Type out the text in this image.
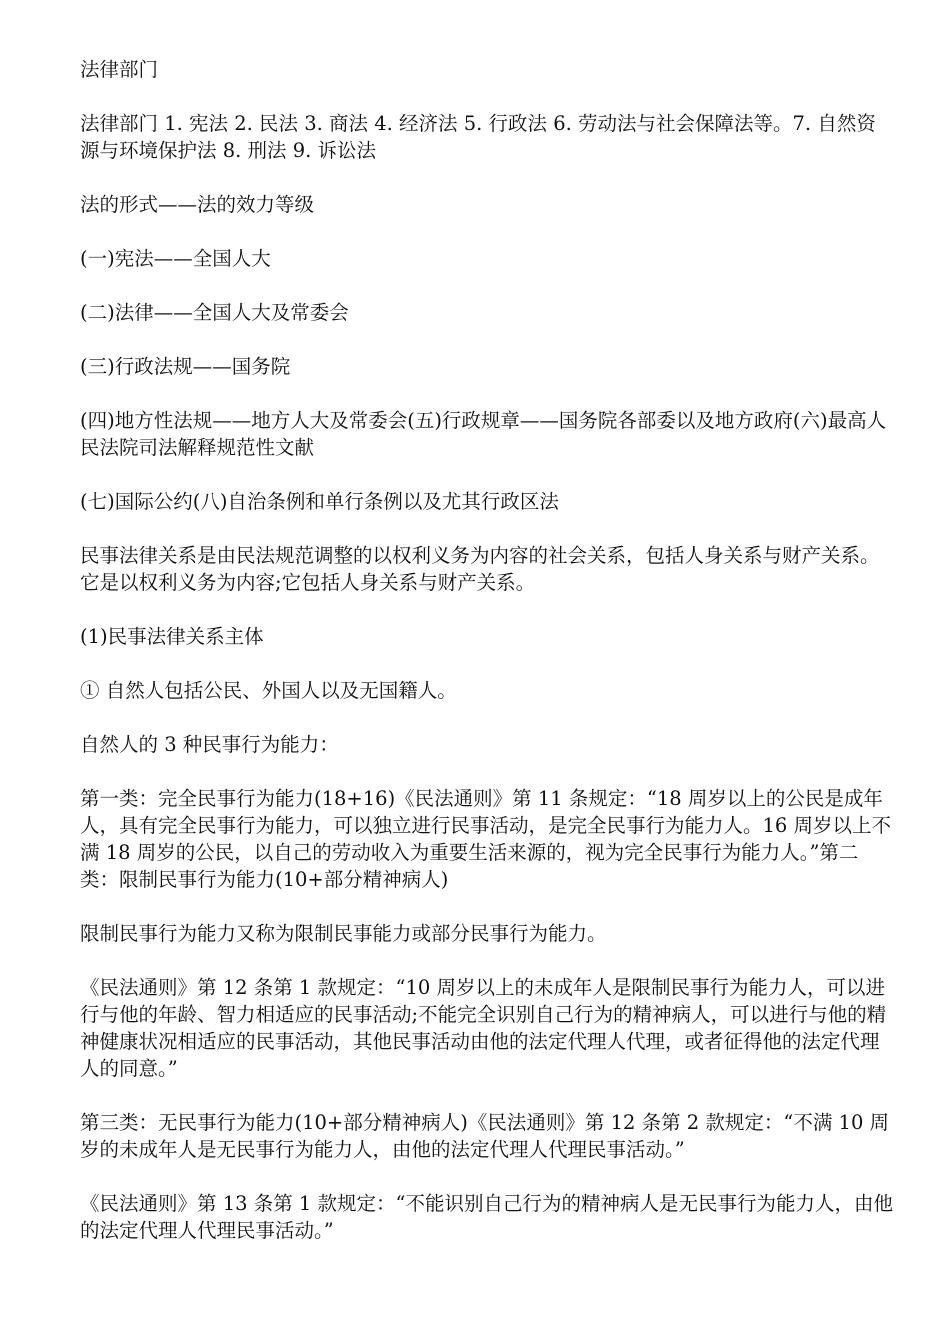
法律部门

法律部门 1. 宪法 2. 民法 3. 商法 4. 经济法 5. 行政法 6. 劳动法与社会保障法等。7. 自然资源与环境保护法 8. 刑法 9. 诉讼法

法的形式——法的效力等级

(一)宪法——全国人大

(二)法律——全国人大及常委会

(三)行政法规——国务院

(四)地方性法规——地方人大及常委会(五)行政规章——国务院各部委以及地方政府(六)最高人民法院司法解释规范性文献

(七)国际公约(八)自治条例和单行条例以及尤其行政区法

民事法律关系是由民法规范调整的以权利义务为内容的社会关系，包括人身关系与财产关系。它是以权利义务为内容;它包括人身关系与财产关系。

(1)民事法律关系主体

① 自然人包括公民、外国人以及无国籍人。

自然人的 3 种民事行为能力：

第一类：完全民事行为能力(18+16)《民法通则》第 11 条规定：“18 周岁以上的公民是成年人，具有完全民事行为能力，可以独立进行民事活动，是完全民事行为能力人。16 周岁以上不满 18 周岁的公民，以自己的劳动收入为重要生活来源的，视为完全民事行为能力人。”第二类：限制民事行为能力(10+部分精神病人)

限制民事行为能力又称为限制民事能力或部分民事行为能力。

《民法通则》第 12 条第 1 款规定：“10 周岁以上的未成年人是限制民事行为能力人，可以进行与他的年龄、智力相适应的民事活动;不能完全识别自己行为的精神病人，可以进行与他的精神健康状况相适应的民事活动，其他民事活动由他的法定代理人代理，或者征得他的法定代理人的同意。”

第三类：无民事行为能力(10+部分精神病人)《民法通则》第 12 条第 2 款规定：“不满 10 周岁的未成年人是无民事行为能力人，由他的法定代理人代理民事活动。”

《民法通则》第 13 条第 1 款规定：“不能识别自己行为的精神病人是无民事行为能力人，由他的法定代理人代理民事活动。”
